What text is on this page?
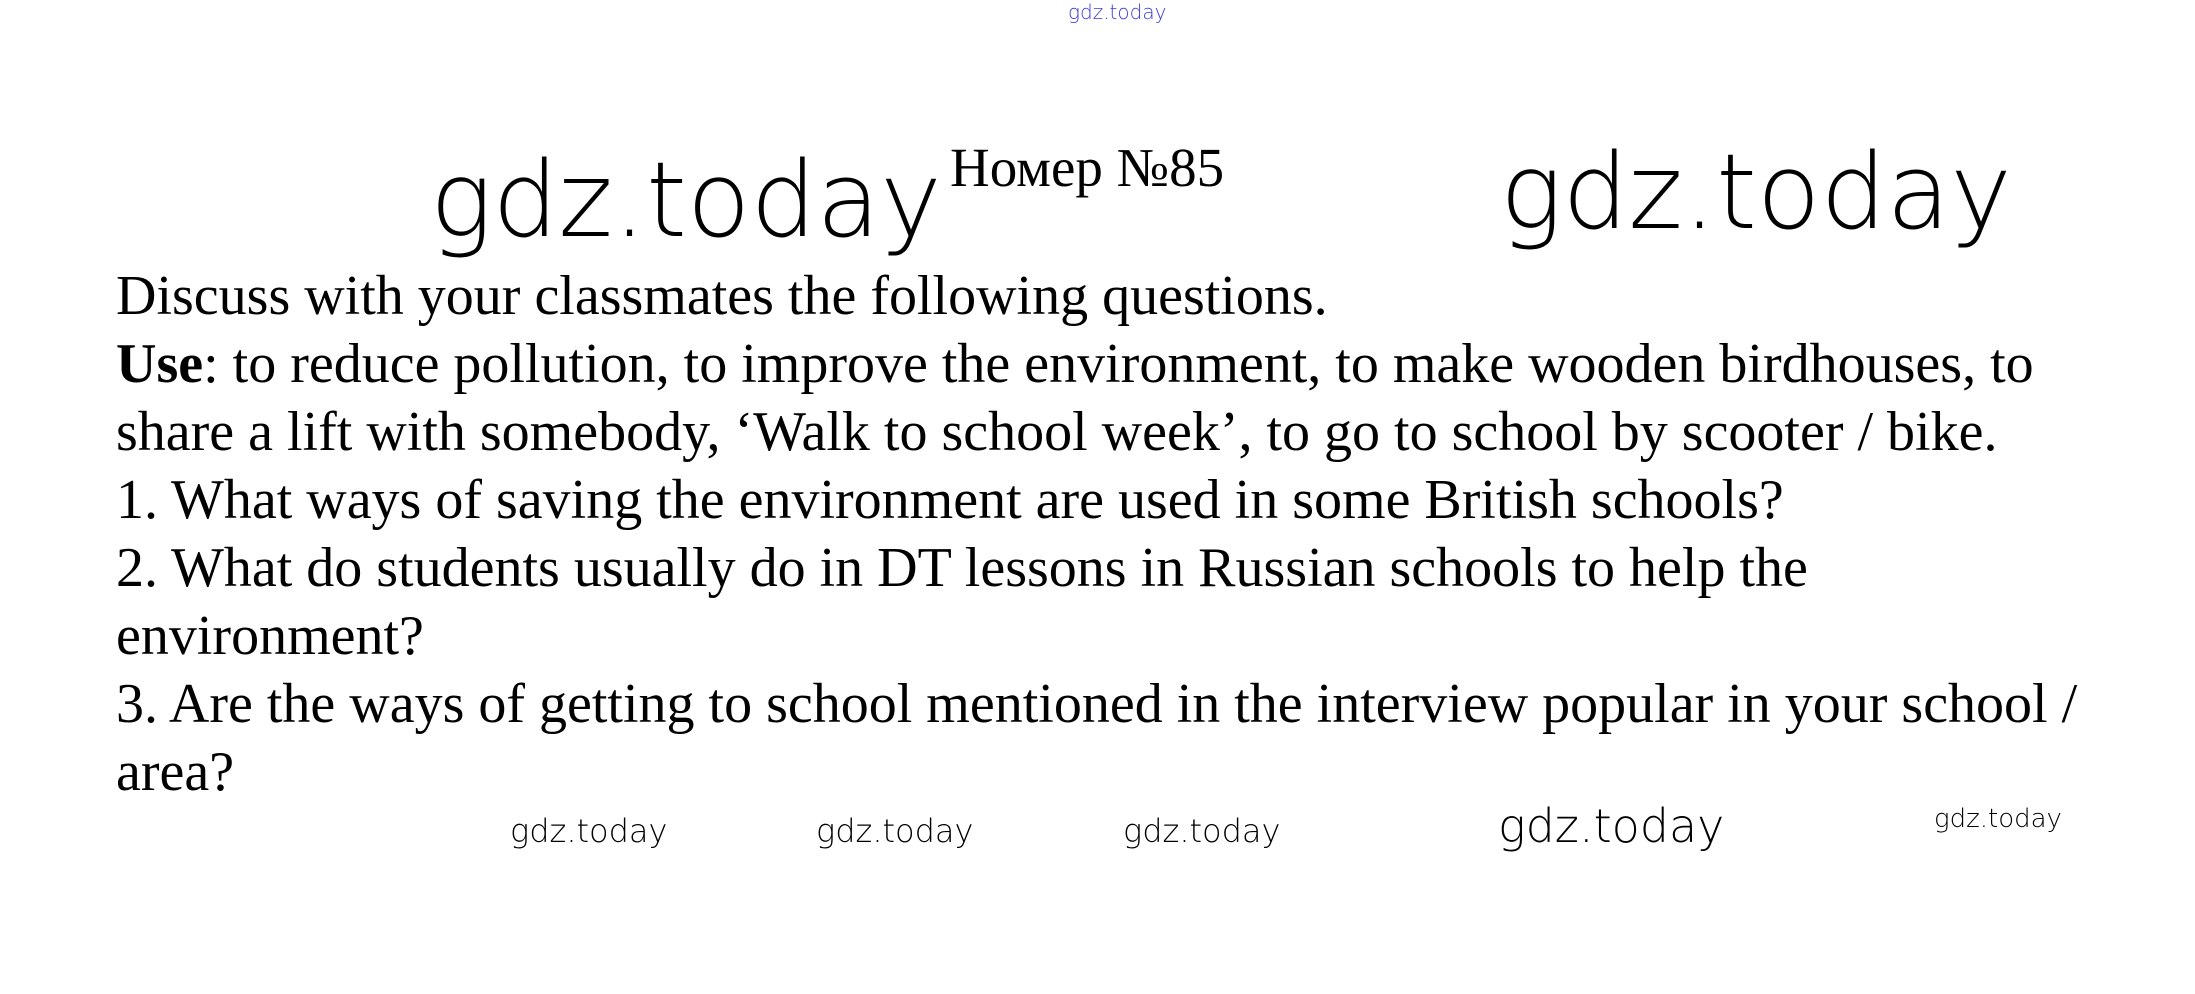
gdz.today
gdz.today Номер №85	gdz.today

Discuss with your classmates the following questions.

Use: to reduce pollution, to improve the environment, to make wooden birdhouses, to share a lift with somebody, ‘Walk to school week’, to go to school by scooter / bike.

1. What ways of saving the environment are used in some British schools?

2. What do students usually do in DT lessons in Russian schools to help the environment?

3. Are the ways of getting to school mentioned in the interview popular in your school / area?

gdz.today	gdz.today	gdz.today	gdz.today	gdz.today
